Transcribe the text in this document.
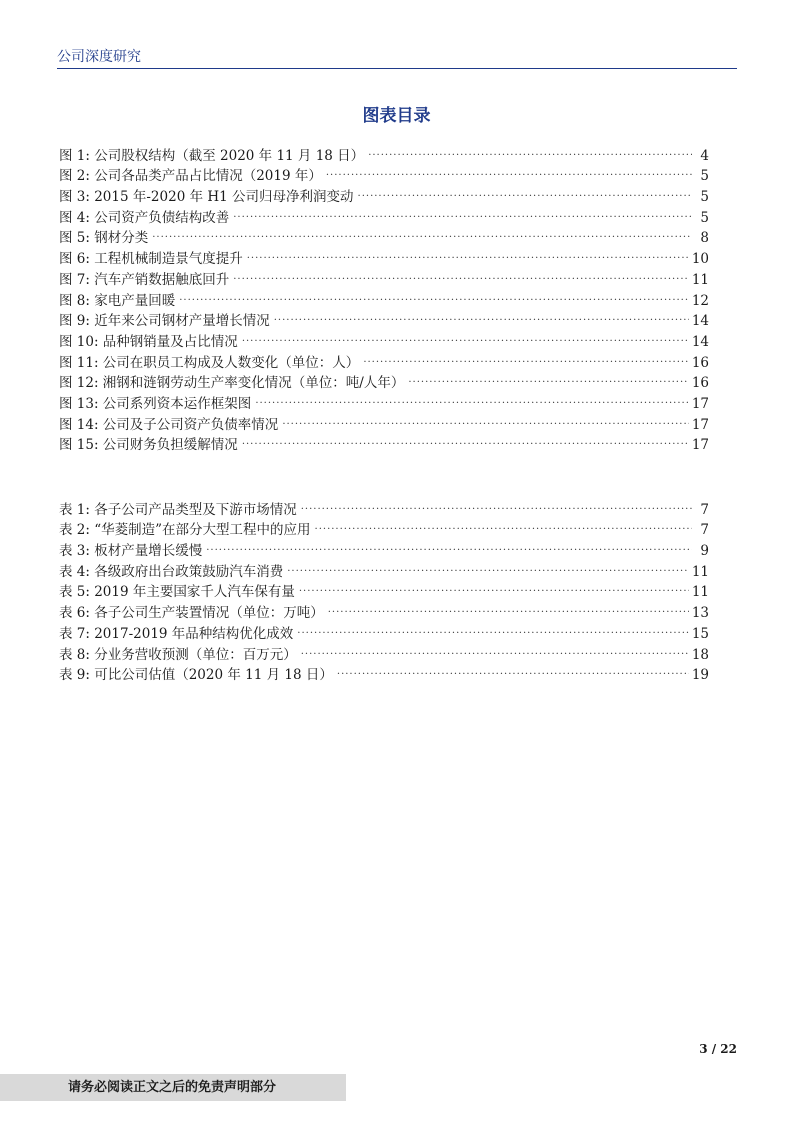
公司深度研究
图表目录
图 1: 公司股权结构（截至 2020 年 11 月 18 日） .....	4
图 2: 公司各品类产品占比情况（2019 年） .....	5
图 3: 2015 年-2020 年 H1 公司归母净利润变动 .....	5
图 4: 公司资产负债结构改善 .....	5
图 5: 钢材分类 .....	8
图 6: 工程机械制造景气度提升 .....	10
图 7: 汽车产销数据触底回升 .....	11
图 8: 家电产量回暖 .....	12
图 9: 近年来公司钢材产量增长情况 .....	14
图 10: 品种钢销量及占比情况 .....	14
图 11: 公司在职员工构成及人数变化（单位：人） .....	16
图 12: 湘钢和涟钢劳动生产率变化情况（单位：吨/人年） .....	16
图 13: 公司系列资本运作框架图 .....	17
图 14: 公司及子公司资产负债率情况 .....	17
图 15: 公司财务负担缓解情况 .....	17
表 1: 各子公司产品类型及下游市场情况 .....	7
表 2: “华菱制造”在部分大型工程中的应用 .....	7
表 3: 板材产量增长缓慢 .....	9
表 4: 各级政府出台政策鼓励汽车消费 .....	11
表 5: 2019 年主要国家千人汽车保有量 .....	11
表 6: 各子公司生产装置情况（单位：万吨） .....	13
表 7: 2017-2019 年品种结构优化成效 .....	15
表 8: 分业务营收预测（单位：百万元） .....	18
表 9: 可比公司估值（2020 年 11 月 18 日） .....	19
3 / 22
请务必阅读正文之后的免责声明部分
